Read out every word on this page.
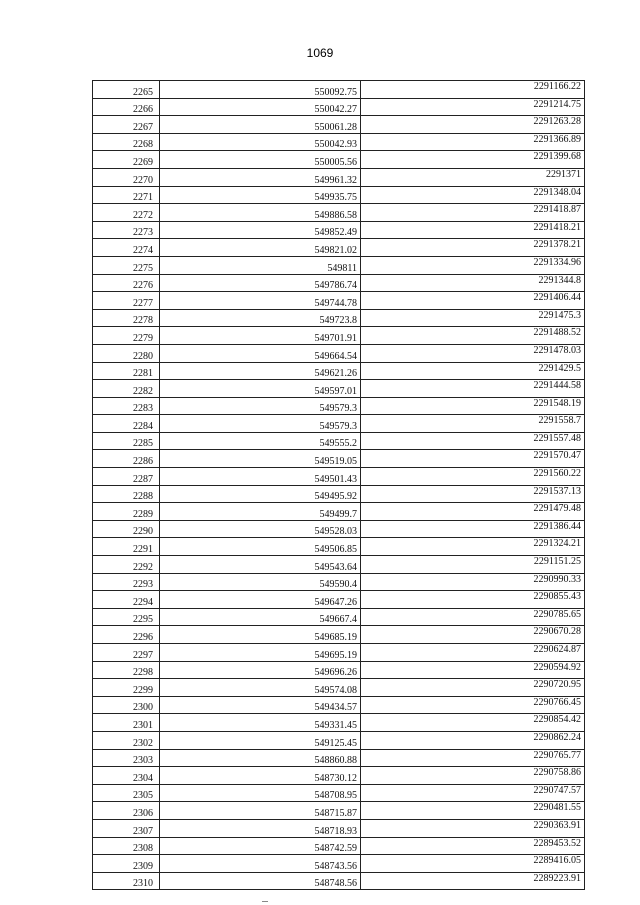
1069
2265	550092.75	2291166.22
2266	550042.27	2291214.75
2267	550061.28	2291263.28
2268	550042.93	2291366.89
2269	550005.56	2291399.68
2270	549961.32	2291371
2271	549935.75	2291348.04
2272	549886.58	2291418.87
2273	549852.49	2291418.21
2274	549821.02	2291378.21
2275	549811	2291334.96
2276	549786.74	2291344.8
2277	549744.78	2291406.44
2278	549723.8	2291475.3
2279	549701.91	2291488.52
2280	549664.54	2291478.03
2281	549621.26	2291429.5
2282	549597.01	2291444.58
2283	549579.3	2291548.19
2284	549579.3	2291558.7
2285	549555.2	2291557.48
2286	549519.05	2291570.47
2287	549501.43	2291560.22
2288	549495.92	2291537.13
2289	549499.7	2291479.48
2290	549528.03	2291386.44
2291	549506.85	2291324.21
2292	549543.64	2291151.25
2293	549590.4	2290990.33
2294	549647.26	2290855.43
2295	549667.4	2290785.65
2296	549685.19	2290670.28
2297	549695.19	2290624.87
2298	549696.26	2290594.92
2299	549574.08	2290720.95
2300	549434.57	2290766.45
2301	549331.45	2290854.42
2302	549125.45	2290862.24
2303	548860.88	2290765.77
2304	548730.12	2290758.86
2305	548708.95	2290747.57
2306	548715.87	2290481.55
2307	548718.93	2290363.91
2308	548742.59	2289453.52
2309	548743.56	2289416.05
2310	548748.56	2289223.91
